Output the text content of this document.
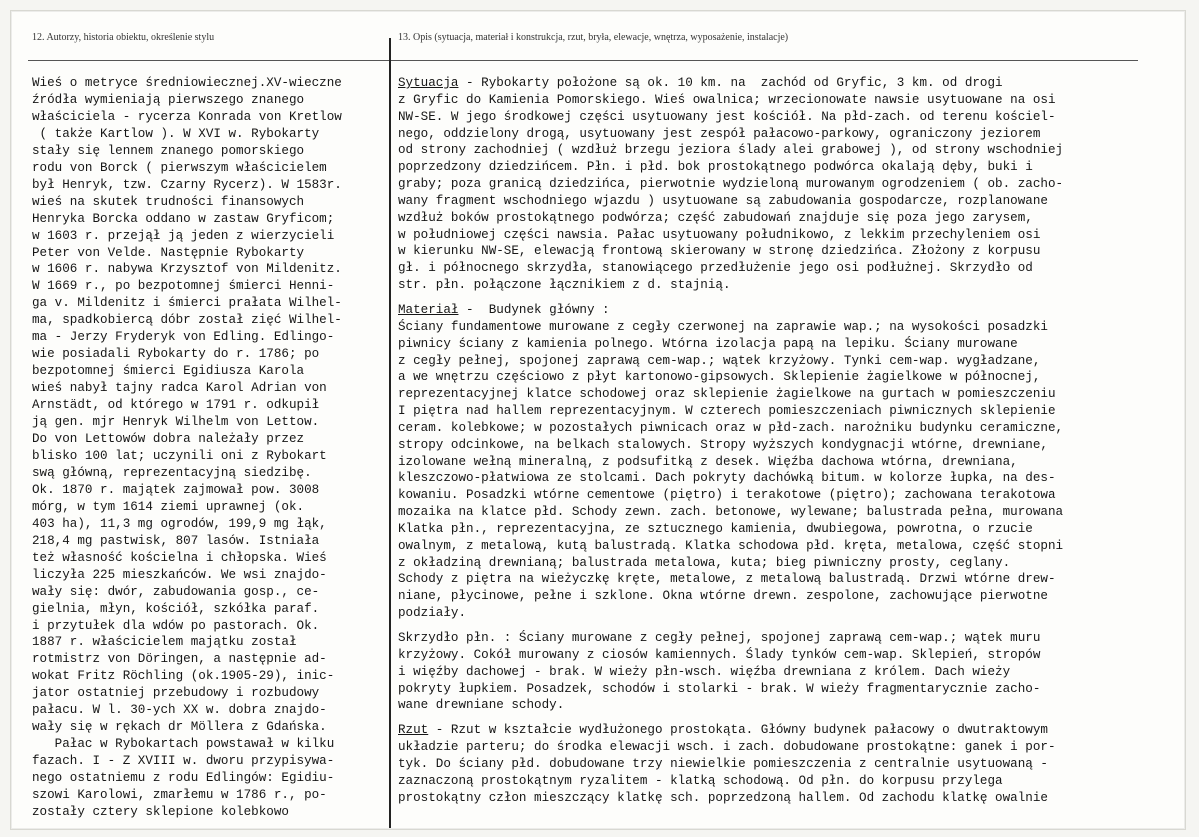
12. Autorzy, historia obiektu, określenie stylu	13. Opis (sytuacja, materiał i konstrukcja, rzut, bryła, elewacje, wnętrza, wyposażenie, instalacje)
Wieś o metryce średniowiecznej.XV-wieczne
źródła wymieniają pierwszego znanego
właściciela - rycerza Konrada von Kretlow
( także Kartlow ). W XVI w. Rybokarty
stały się lennem znanego pomorskiego
rodu von Borck ( pierwszym właścicielem
był Henryk, tzw. Czarny Rycerz). W 1583r.
wieś na skutek trudności finansowych
Henryka Borcka oddano w zastaw Gryficom;
w 1603 r. przejął ją jeden z wierzycieli
Peter von Velde. Następnie Rybokarty
w 1606 r. nabywa Krzysztof von Mildenitz.
W 1669 r., po bezpotomnej śmierci Henni-
ga v. Mildenitz i śmierci prałata Wilhel-
ma, spadkobiercą dóbr został zięć Wilhel-
ma - Jerzy Fryderyk von Edling. Edlingo-
wie posiadali Rybokarty do r. 1786; po
bezpotomnej śmierci Egidiusza Karola
wieś nabył tajny radca Karol Adrian von
Arnstädt, od którego w 1791 r. odkupił
ją gen. mjr Henryk Wilhelm von Lettow.
Do von Lettowów dobra należały przez
blisko 100 lat; uczynili oni z Rybokart
swą główną, reprezentacyjną siedzibę.
Ok. 1870 r. majątek zajmował pow. 3008
mórg, w tym 1614 ziemi uprawnej (ok.
403 ha), 11,3 mg ogrodów, 199,9 mg łąk,
218,4 mg pastwisk, 807 lasów. Istniała
też własność kościelna i chłopska. Wieś
liczyła 225 mieszkańców. We wsi znajdo-
wały się: dwór, zabudowania gosp., ce-
gielnia, młyn, kościół, szkółka paraf.
i przytułek dla wdów po pastorach. Ok.
1887 r. właścicielem majątku został
rotmistrz von Döringen, a następnie ad-
wokat Fritz Röchling (ok.1905-29), inic-
jator ostatniej przebudowy i rozbudowy
pałacu. W l. 30-ych XX w. dobra znajdo-
wały się w rękach dr Möllera z Gdańska.
Pałac w Rybokartach powstawał w kilku
fazach. I - Z XVIII w. dworu przypisywa-
nego ostatniemu z rodu Edlingów: Egidiu-
szowi Karolowi, zmarłemu w 1786 r., po-
zostały cztery sklepione kolebkowo
Sytuacja - Rybokarty położone są ok. 10 km. na  zachód od Gryfic, 3 km. od drogi
z Gryfic do Kamienia Pomorskiego. Wieś owalnica; wrzecionowate nawsie usytuowane na osi
NW-SE. W jego środkowej części usytuowany jest kościół. Na płd-zach. od terenu kościel-
nego, oddzielony drogą, usytuowany jest zespół pałacowo-parkowy, ograniczony jeziorem
od strony zachodniej ( wzdłuż brzegu jeziora ślady alei grabowej ), od strony wschodniej
poprzedzony dziedzińcem. Płn. i płd. bok prostokątnego podwórca okalają dęby, buki i
graby; poza granicą dziedzińca, pierwotnie wydzieloną murowanym ogrodzeniem ( ob. zacho-
wany fragment wschodniego wjazdu ) usytuowane są zabudowania gospodarcze, rozplanowane
wzdłuż boków prostokątnego podwórza; część zabudowań znajduje się poza jego zarysem,
w południowej części nawsia. Pałac usytuowany południkowo, z lekkim przechyleniem osi
w kierunku NW-SE, elewacją frontową skierowany w stronę dziedzińca. Złożony z korpusu
gł. i północnego skrzydła, stanowiącego przedłużenie jego osi podłużnej. Skrzydło od
str. płn. połączone łącznikiem z d. stajnią.
Materiał -  Budynek główny :
Ściany fundamentowe murowane z cegły czerwonej na zaprawie wap.; na wysokości posadzki
piwnicy ściany z kamienia polnego. Wtórna izolacja papą na lepiku. Ściany murowane
z cegły pełnej, spojonej zaprawą cem-wap.; wątek krzyżowy. Tynki cem-wap. wygładzane,
a we wnętrzu częściowo z płyt kartonowo-gipsowych. Sklepienie żagielkowe w północnej,
reprezentacyjnej klatce schodowej oraz sklepienie żagielkowe na gurtach w pomieszczeniu
I piętra nad hallem reprezentacyjnym. W czterech pomieszczeniach piwnicznych sklepienie
ceram. kolebkowe; w pozostałych piwnicach oraz w płd-zach. narożniku budynku ceramiczne,
stropy odcinkowe, na belkach stalowych. Stropy wyższych kondygnacji wtórne, drewniane,
izolowane wełną mineralną, z podsufitką z desek. Więźba dachowa wtórna, drewniana,
kleszczowo-płatwiowa ze stolcami. Dach pokryty dachówką bitum. w kolorze łupka, na des-
kowaniu. Posadzki wtórne cementowe (piętro) i terakotowe (piętro); zachowana terakotowa
mozaika na klatce płd. Schody zewn. zach. betonowe, wylewane; balustrada pełna, murowana
Klatka płn., reprezentacyjna, ze sztucznego kamienia, dwubiegowa, powrotna, o rzucie
owalnym, z metalową, kutą balustradą. Klatka schodowa płd. kręta, metalowa, część stopni
z okładziną drewnianą; balustrada metalowa, kuta; bieg piwniczny prosty, ceglany.
Schody z piętra na wieżyczkę kręte, metalowe, z metalową balustradą. Drzwi wtórne drew-
niane, płycinowe, pełne i szklone. Okna wtórne drewn. zespolone, zachowujące pierwotne
podziały.
Skrzydło płn. : Ściany murowane z cegły pełnej, spojonej zaprawą cem-wap.; wątek muru
krzyżowy. Cokół murowany z ciosów kamiennych. Ślady tynków cem-wap. Sklepień, stropów
i więźby dachowej - brak. W wieży płn-wsch. więźba drewniana z królem. Dach wieży
pokryty łupkiem. Posadzek, schodów i stolarki - brak. W wieży fragmentarycznie zacho-
wane drewniane schody.
Rzut - Rzut w kształcie wydłużonego prostokąta. Główny budynek pałacowy o dwutraktowym
układzie parteru; do środka elewacji wsch. i zach. dobudowane prostokątne: ganek i por-
tyk. Do ściany płd. dobudowane trzy niewielkie pomieszczenia z centralnie usytuowaną -
zaznaczoną prostokątnym ryzalitem - klatką schodową. Od płn. do korpusu przylega
prostokątny człon mieszczący klatkę sch. poprzedzoną hallem. Od zachodu klatkę owalnie
